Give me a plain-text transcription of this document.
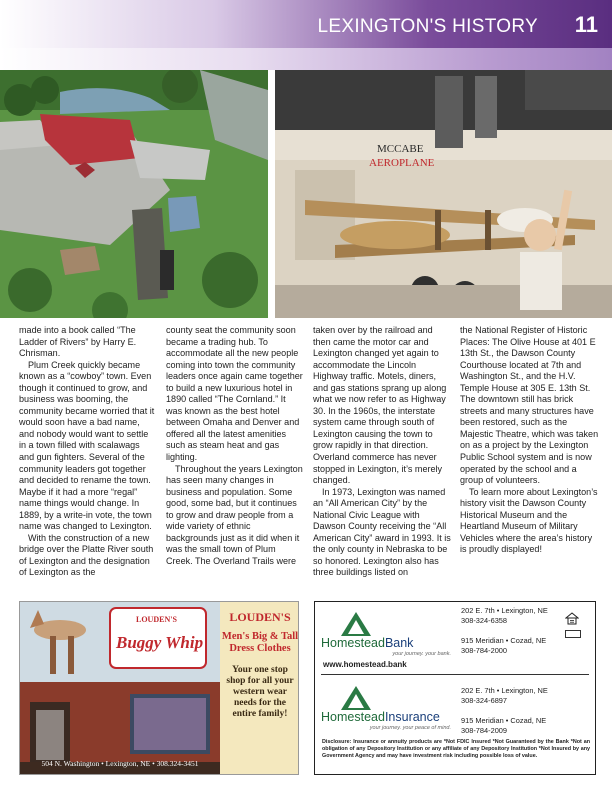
LEXINGTON'S HISTORY 11
MCCABE
AEROPLANE

made into a book called “The Ladder of Rivers” by Harry E. Chrisman.

Plum Creek quickly became known as a “cowboy” town. Even though it continued to grow, and business was booming, the community became worried that it would soon have a bad name, and nobody would want to settle in a town filled with scalawags and gun fighters. Several of the community leaders got together and decided to rename the town. Maybe if it had a more “regal” name things would change. In 1889, by a write-in vote, the town name was changed to Lexington.

With the construction of a new bridge over the Platte River south of Lexington and the designation of Lexington as the

county seat the community soon became a trading hub. To accommodate all the new people coming into town the community leaders once again came together to build a new luxurious hotel in 1890 called “The Cornland.” It was known as the best hotel between Omaha and Denver and offered all the latest amenities such as steam heat and gas lighting.

Throughout the years Lexington has seen many changes in business and population. Some good, some bad, but it continues to grow and draw people from a wide variety of ethnic backgrounds just as it did when it was the small town of Plum Creek. The Overland Trails were

taken over by the railroad and then came the motor car and Lexington changed yet again to accommodate the Lincoln Highway traffic. Motels, diners, and gas stations sprang up along what we now refer to as Highway 30. In the 1960s, the interstate system came through south of Lexington causing the town to grow rapidly in that direction. Overland commerce has never stopped in Lexington, it’s merely changed.

In 1973, Lexington was named an “All American City” by the National Civic League with Dawson County receiving the “All American City” award in 1993. It is the only county in Nebraska to be so honored. Lexington also has three buildings listed on

the National Register of Historic Places: The Olive House at 401 E 13th St., the Dawson County Courthouse located at 7th and Washington St., and the H.V. Temple House at 305 E. 13th St. The downtown still has brick streets and many structures have been restored, such as the Majestic Theatre, which was taken on as a project by the Lexington Public School system and is now operated by the school and a group of volunteers.

To learn more about Lexington’s history visit the Dawson County Historical Museum and the Heartland Museum of Military Vehicles where the area’s history is proudly displayed!

LOUDEN'S
Buggy Whip
504 N. Washington • Lexington, NE • 308.324-3451
LOUDEN'S
Men's Big & Tall Dress Clothes
Your one stop shop for all your western wear needs for the entire family!
HomesteadBank
your journey. your bank.
www.homestead.bank
202 E. 7th • Lexington, NE
308-324-6358
915 Meridian • Cozad, NE
308-784-2000
HomesteadInsurance
your journey. your peace of mind.
202 E. 7th • Lexington, NE
308-324-6897
915 Meridian • Cozad, NE
308-784-2009
Disclosure: Insurance or annuity products are *Not FDIC Insured *Not Guaranteed by the Bank *Not an obligation of any Depository Institution or any affiliate of any Depository Institution *Not Insured by any Government Agency and may have investment risk including possible loss of value.
